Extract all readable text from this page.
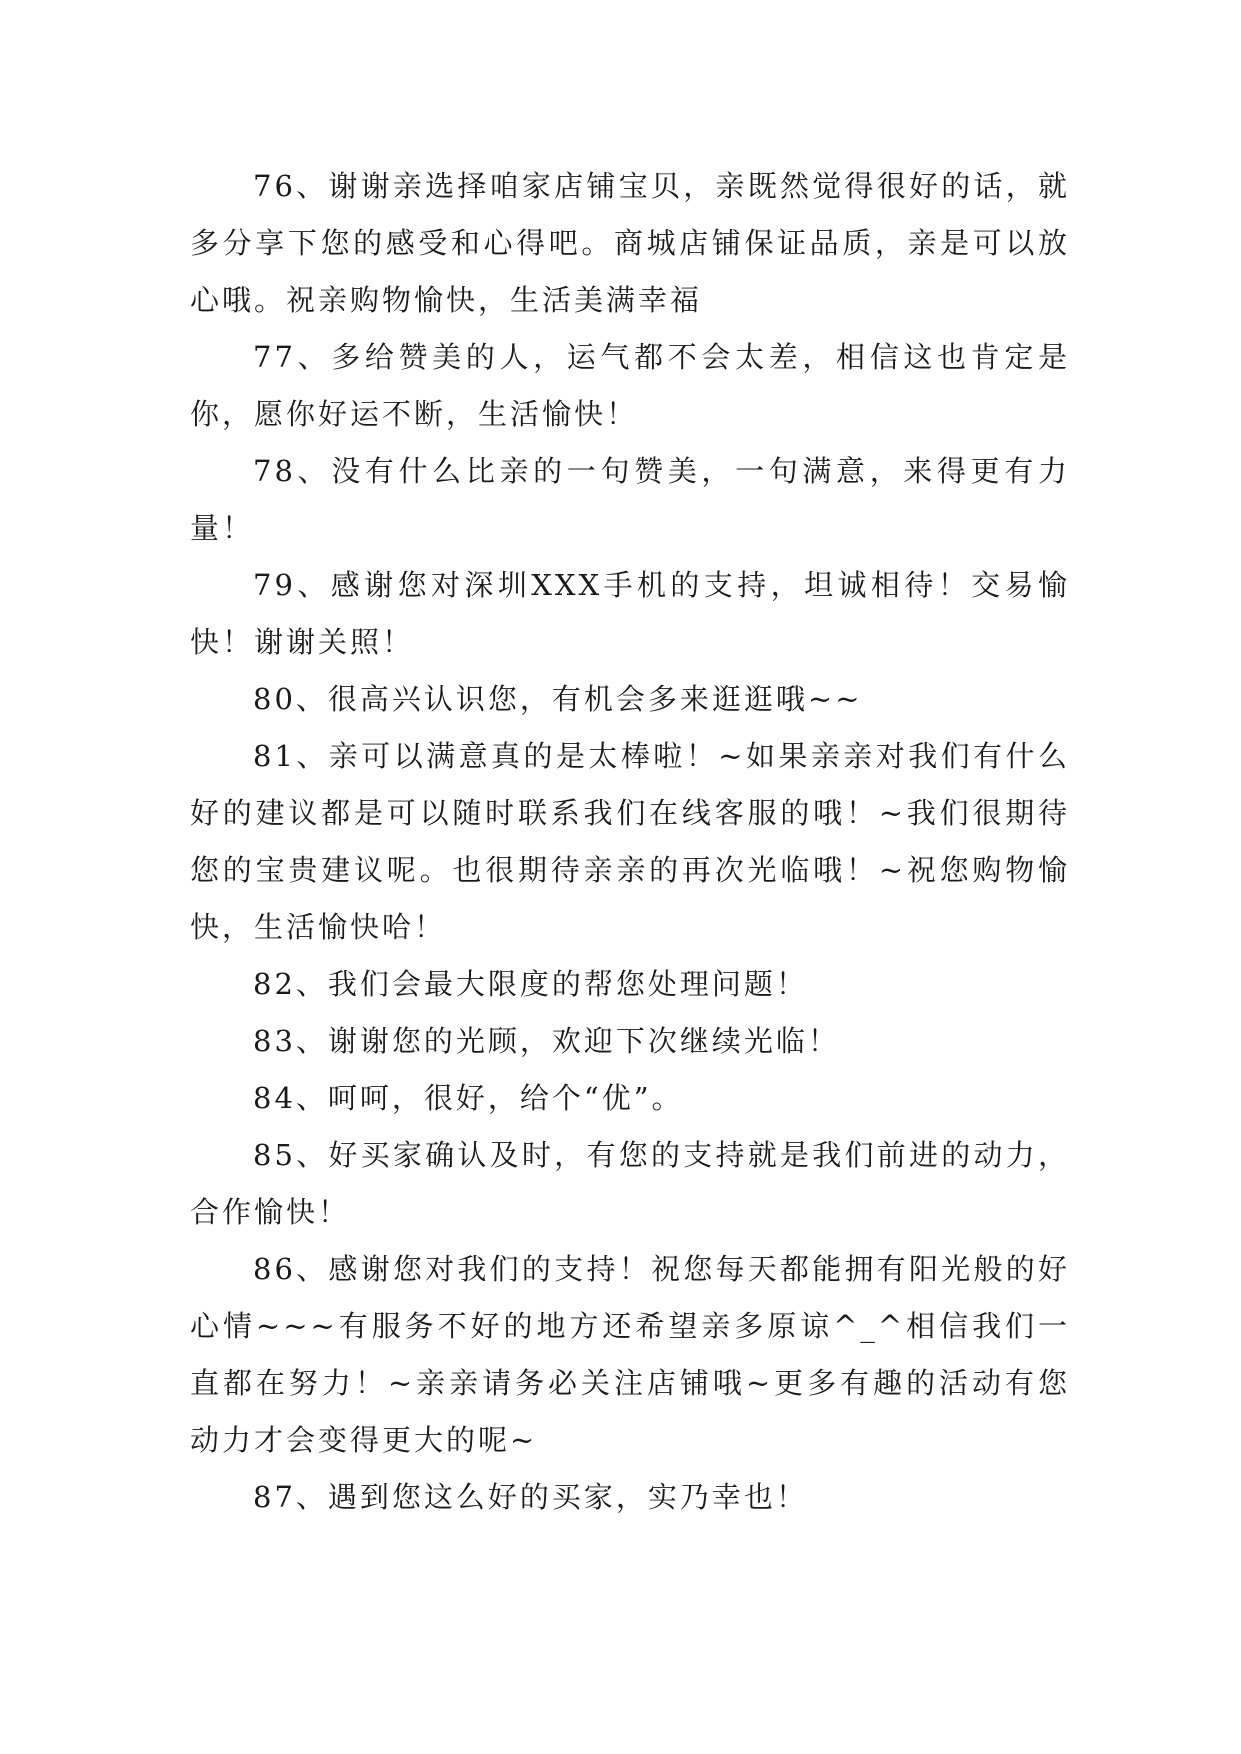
76、谢谢亲选择咱家店铺宝贝，亲既然觉得很好的话，就多分享下您的感受和心得吧。商城店铺保证品质，亲是可以放心哦。祝亲购物愉快，生活美满幸福

77、多给赞美的人，运气都不会太差，相信这也肯定是你，愿你好运不断，生活愉快！

78、没有什么比亲的一句赞美，一句满意，来得更有力量！

79、感谢您对深圳XXX手机的支持，坦诚相待！交易愉快！谢谢关照！

80、很高兴认识您，有机会多来逛逛哦~~

81、亲可以满意真的是太棒啦！~如果亲亲对我们有什么好的建议都是可以随时联系我们在线客服的哦！~我们很期待您的宝贵建议呢。也很期待亲亲的再次光临哦！~祝您购物愉快，生活愉快哈！

82、我们会最大限度的帮您处理问题！

83、谢谢您的光顾，欢迎下次继续光临！

84、呵呵，很好，给个“优”。

85、好买家确认及时，有您的支持就是我们前进的动力，合作愉快！

86、感谢您对我们的支持！祝您每天都能拥有阳光般的好心情~~~有服务不好的地方还希望亲多原谅^_^相信我们一直都在努力！~亲亲请务必关注店铺哦~更多有趣的活动有您动力才会变得更大的呢~

87、遇到您这么好的买家，实乃幸也！
